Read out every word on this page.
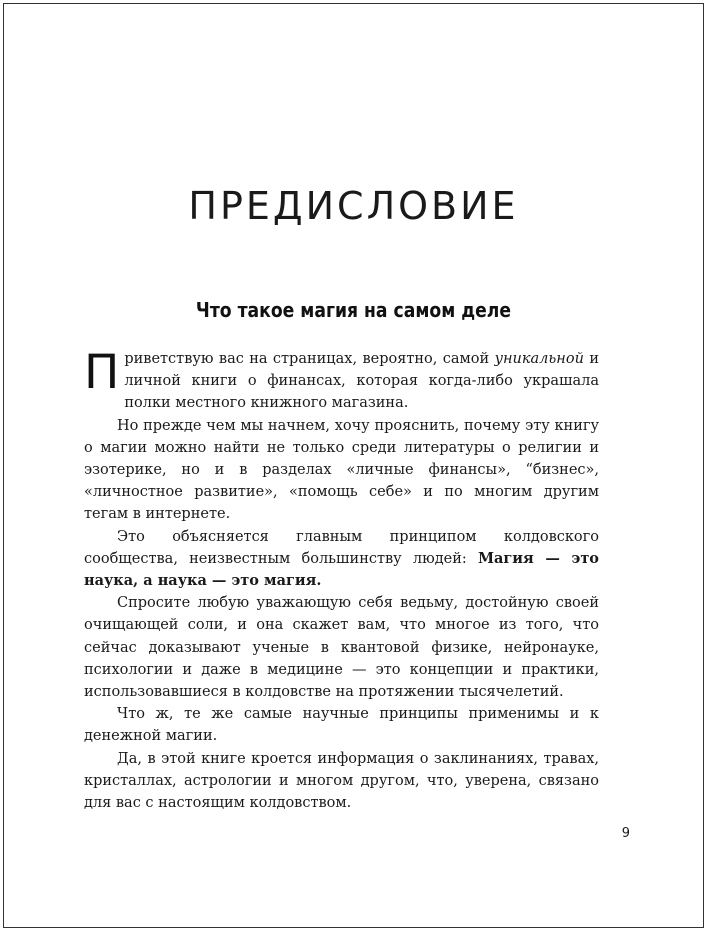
ПРЕДИСЛОВИЕ
Что такое магия на самом деле

Приветствую вас на страницах, вероятно, самой уникальной и личной книги о финансах, которая когда-либо украшала полки местного книжного магазина.

Но прежде чем мы начнем, хочу прояснить, почему эту книгу о магии можно найти не только среди литературы о религии и эзотерике, но и в разделах «личные финансы», “бизнес», «личностное развитие», «помощь себе» и по многим другим тегам в интернете.

Это объясняется главным принципом колдовского сообщества, неизвестным большинству людей: Магия — это наука, а наука — это магия.

Спросите любую уважающую себя ведьму, достойную своей очищающей соли, и она скажет вам, что многое из того, что сейчас доказывают ученые в квантовой физике, нейронауке, психологии и даже в медицине — это концепции и практики, использовавшиеся в колдовстве на протяжении тысячелетий.

Что ж, те же самые научные принципы применимы и к денежной магии.

Да, в этой книге кроется информация о заклинаниях, травах, кристаллах, астрологии и многом другом, что, уверена, связано для вас с настоящим колдовством.

9
